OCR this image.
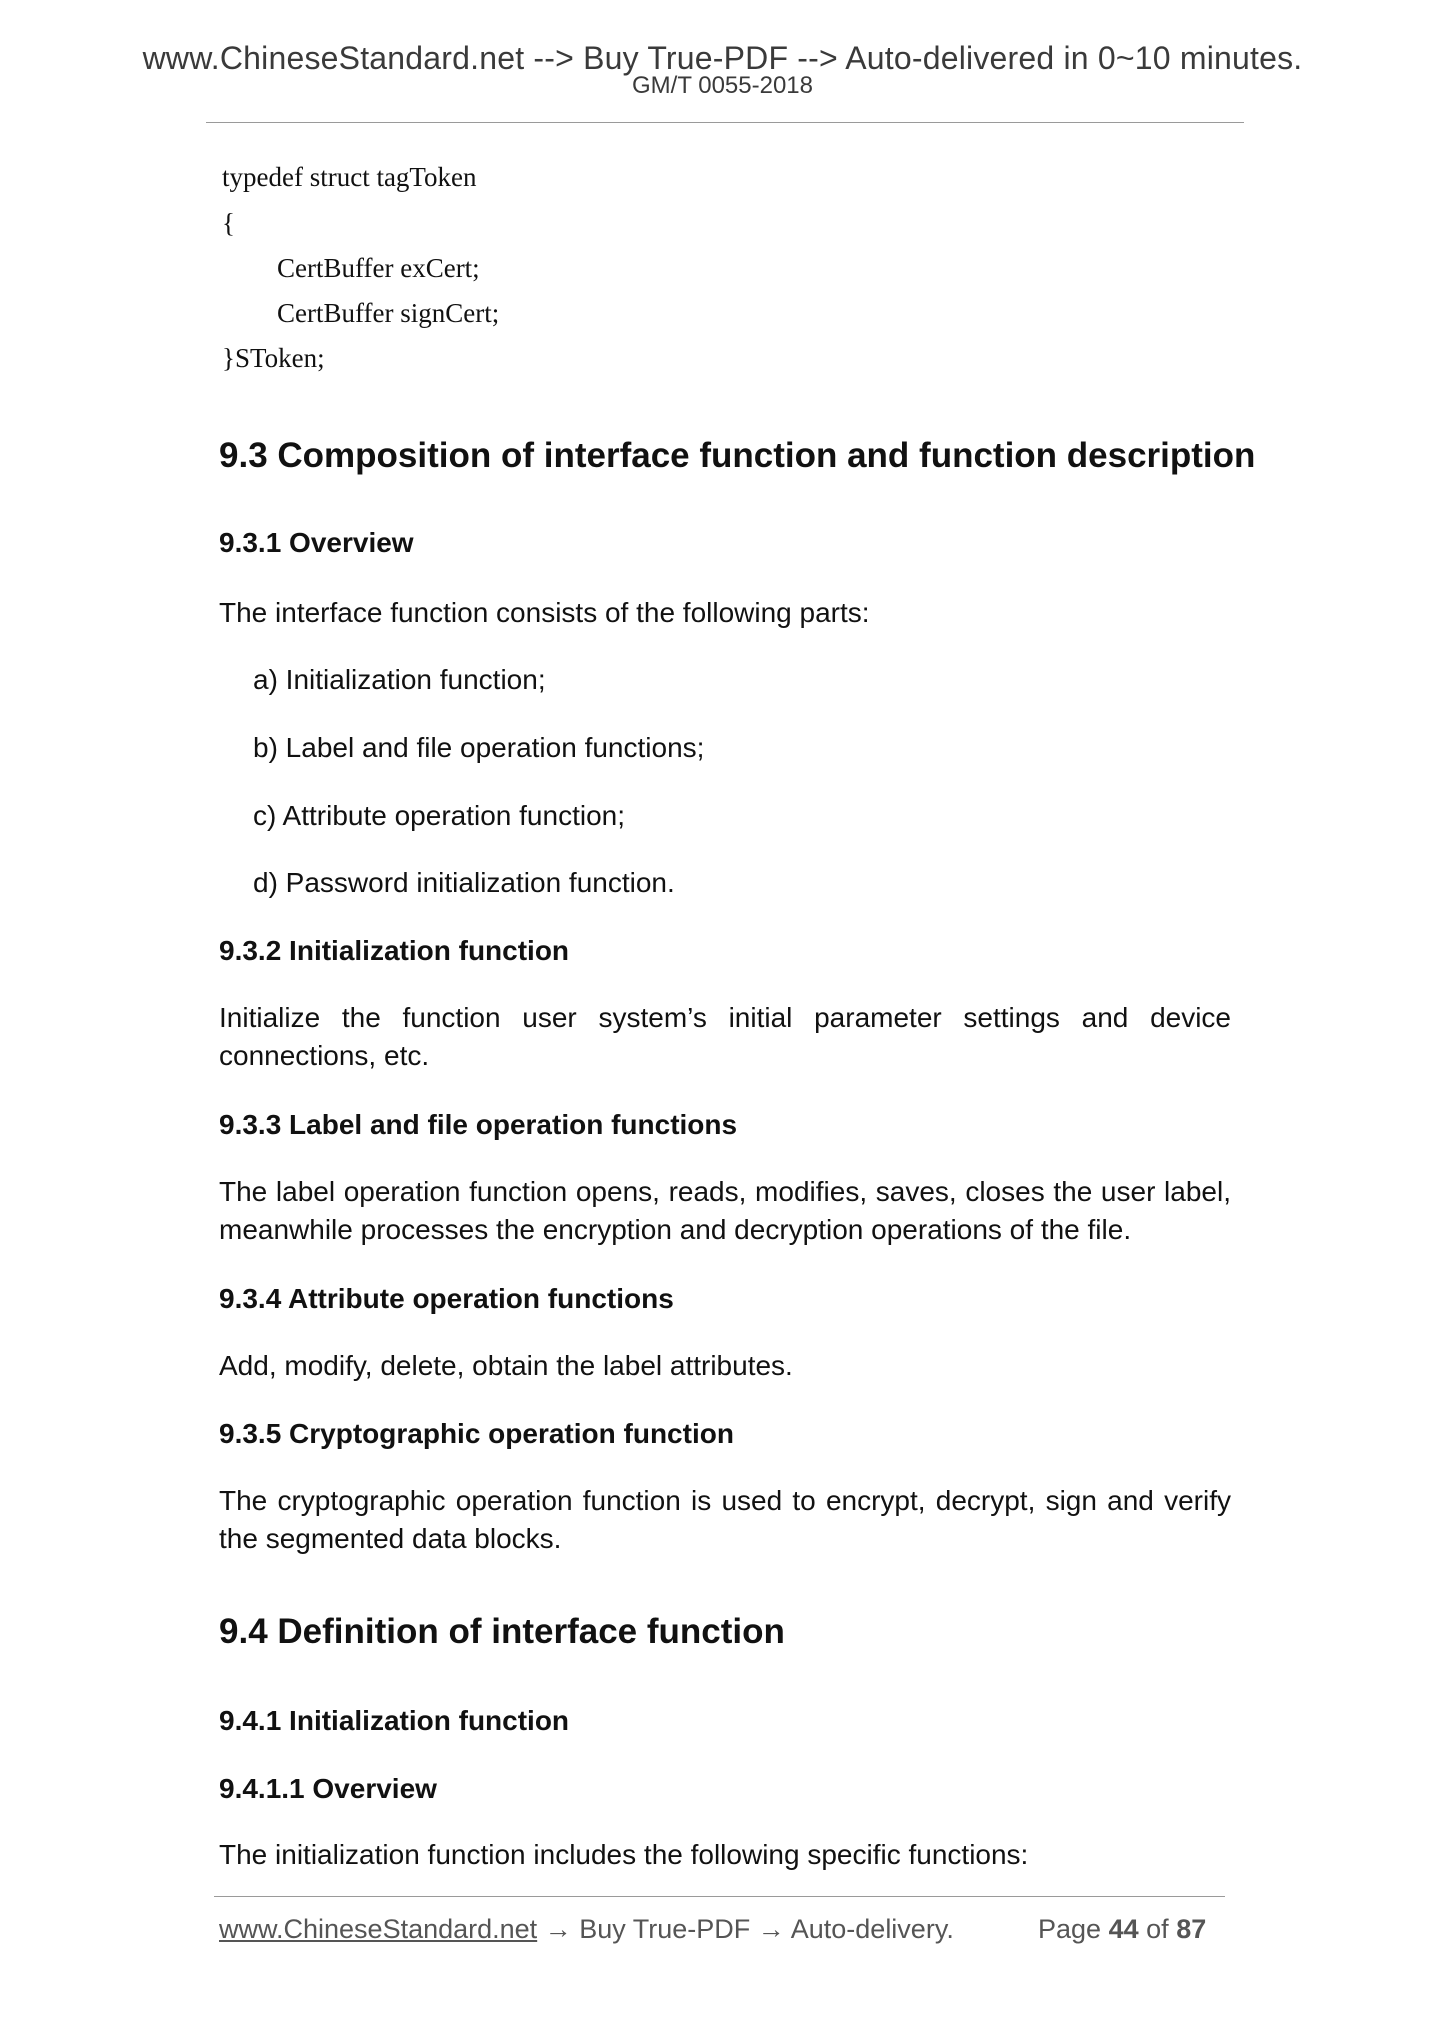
www.ChineseStandard.net --> Buy True-PDF --> Auto-delivered in 0~10 minutes.
GM/T 0055-2018
typedef struct tagToken
{
CertBuffer exCert;
CertBuffer signCert;
}SToken;
9.3 Composition of interface function and function description
9.3.1 Overview
The interface function consists of the following parts:
a) Initialization function;
b) Label and file operation functions;
c) Attribute operation function;
d) Password initialization function.
9.3.2 Initialization function
Initialize the function user system’s initial parameter settings and device connections, etc.
9.3.3 Label and file operation functions
The label operation function opens, reads, modifies, saves, closes the user label, meanwhile processes the encryption and decryption operations of the file.
9.3.4 Attribute operation functions
Add, modify, delete, obtain the label attributes.
9.3.5 Cryptographic operation function
The cryptographic operation function is used to encrypt, decrypt, sign and verify the segmented data blocks.
9.4 Definition of interface function
9.4.1 Initialization function
9.4.1.1 Overview
The initialization function includes the following specific functions:
www.ChineseStandard.net → Buy True-PDF → Auto-delivery.	Page 44 of 87
